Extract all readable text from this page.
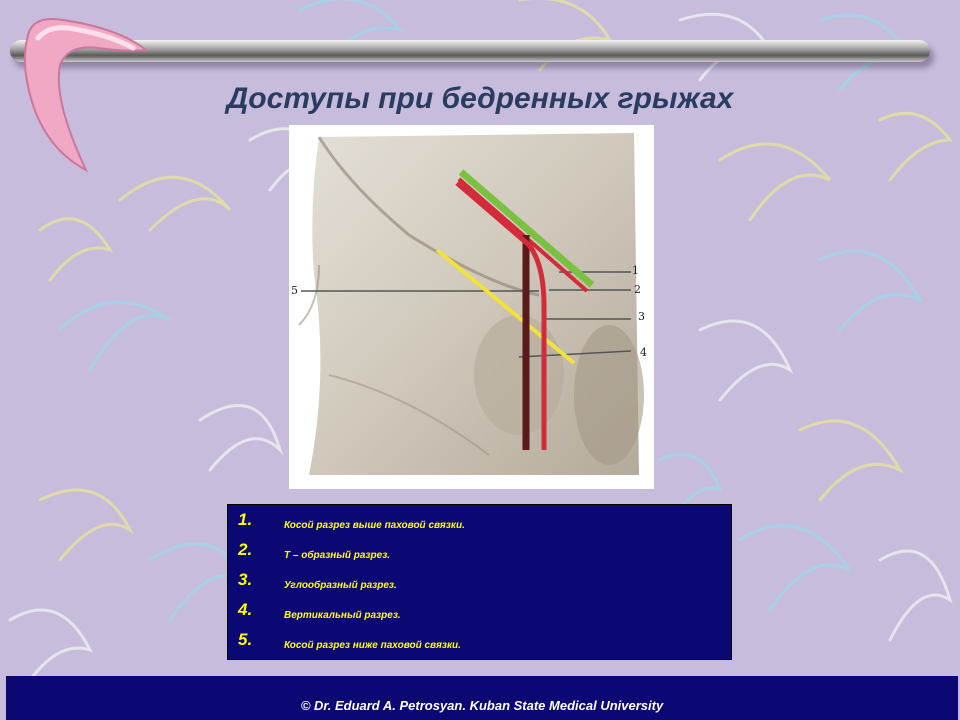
Доступы при бедренных грыжах
1
2
3
4
5
1.	Косой разрез выше паховой связки.
2.	Т – образный разрез.
3.	Углообразный разрез.
4.	Вертикальный разрез.
5.	Косой разрез ниже паховой связки.
© Dr. Eduard A. Petrosyan. Kuban State Medical University
